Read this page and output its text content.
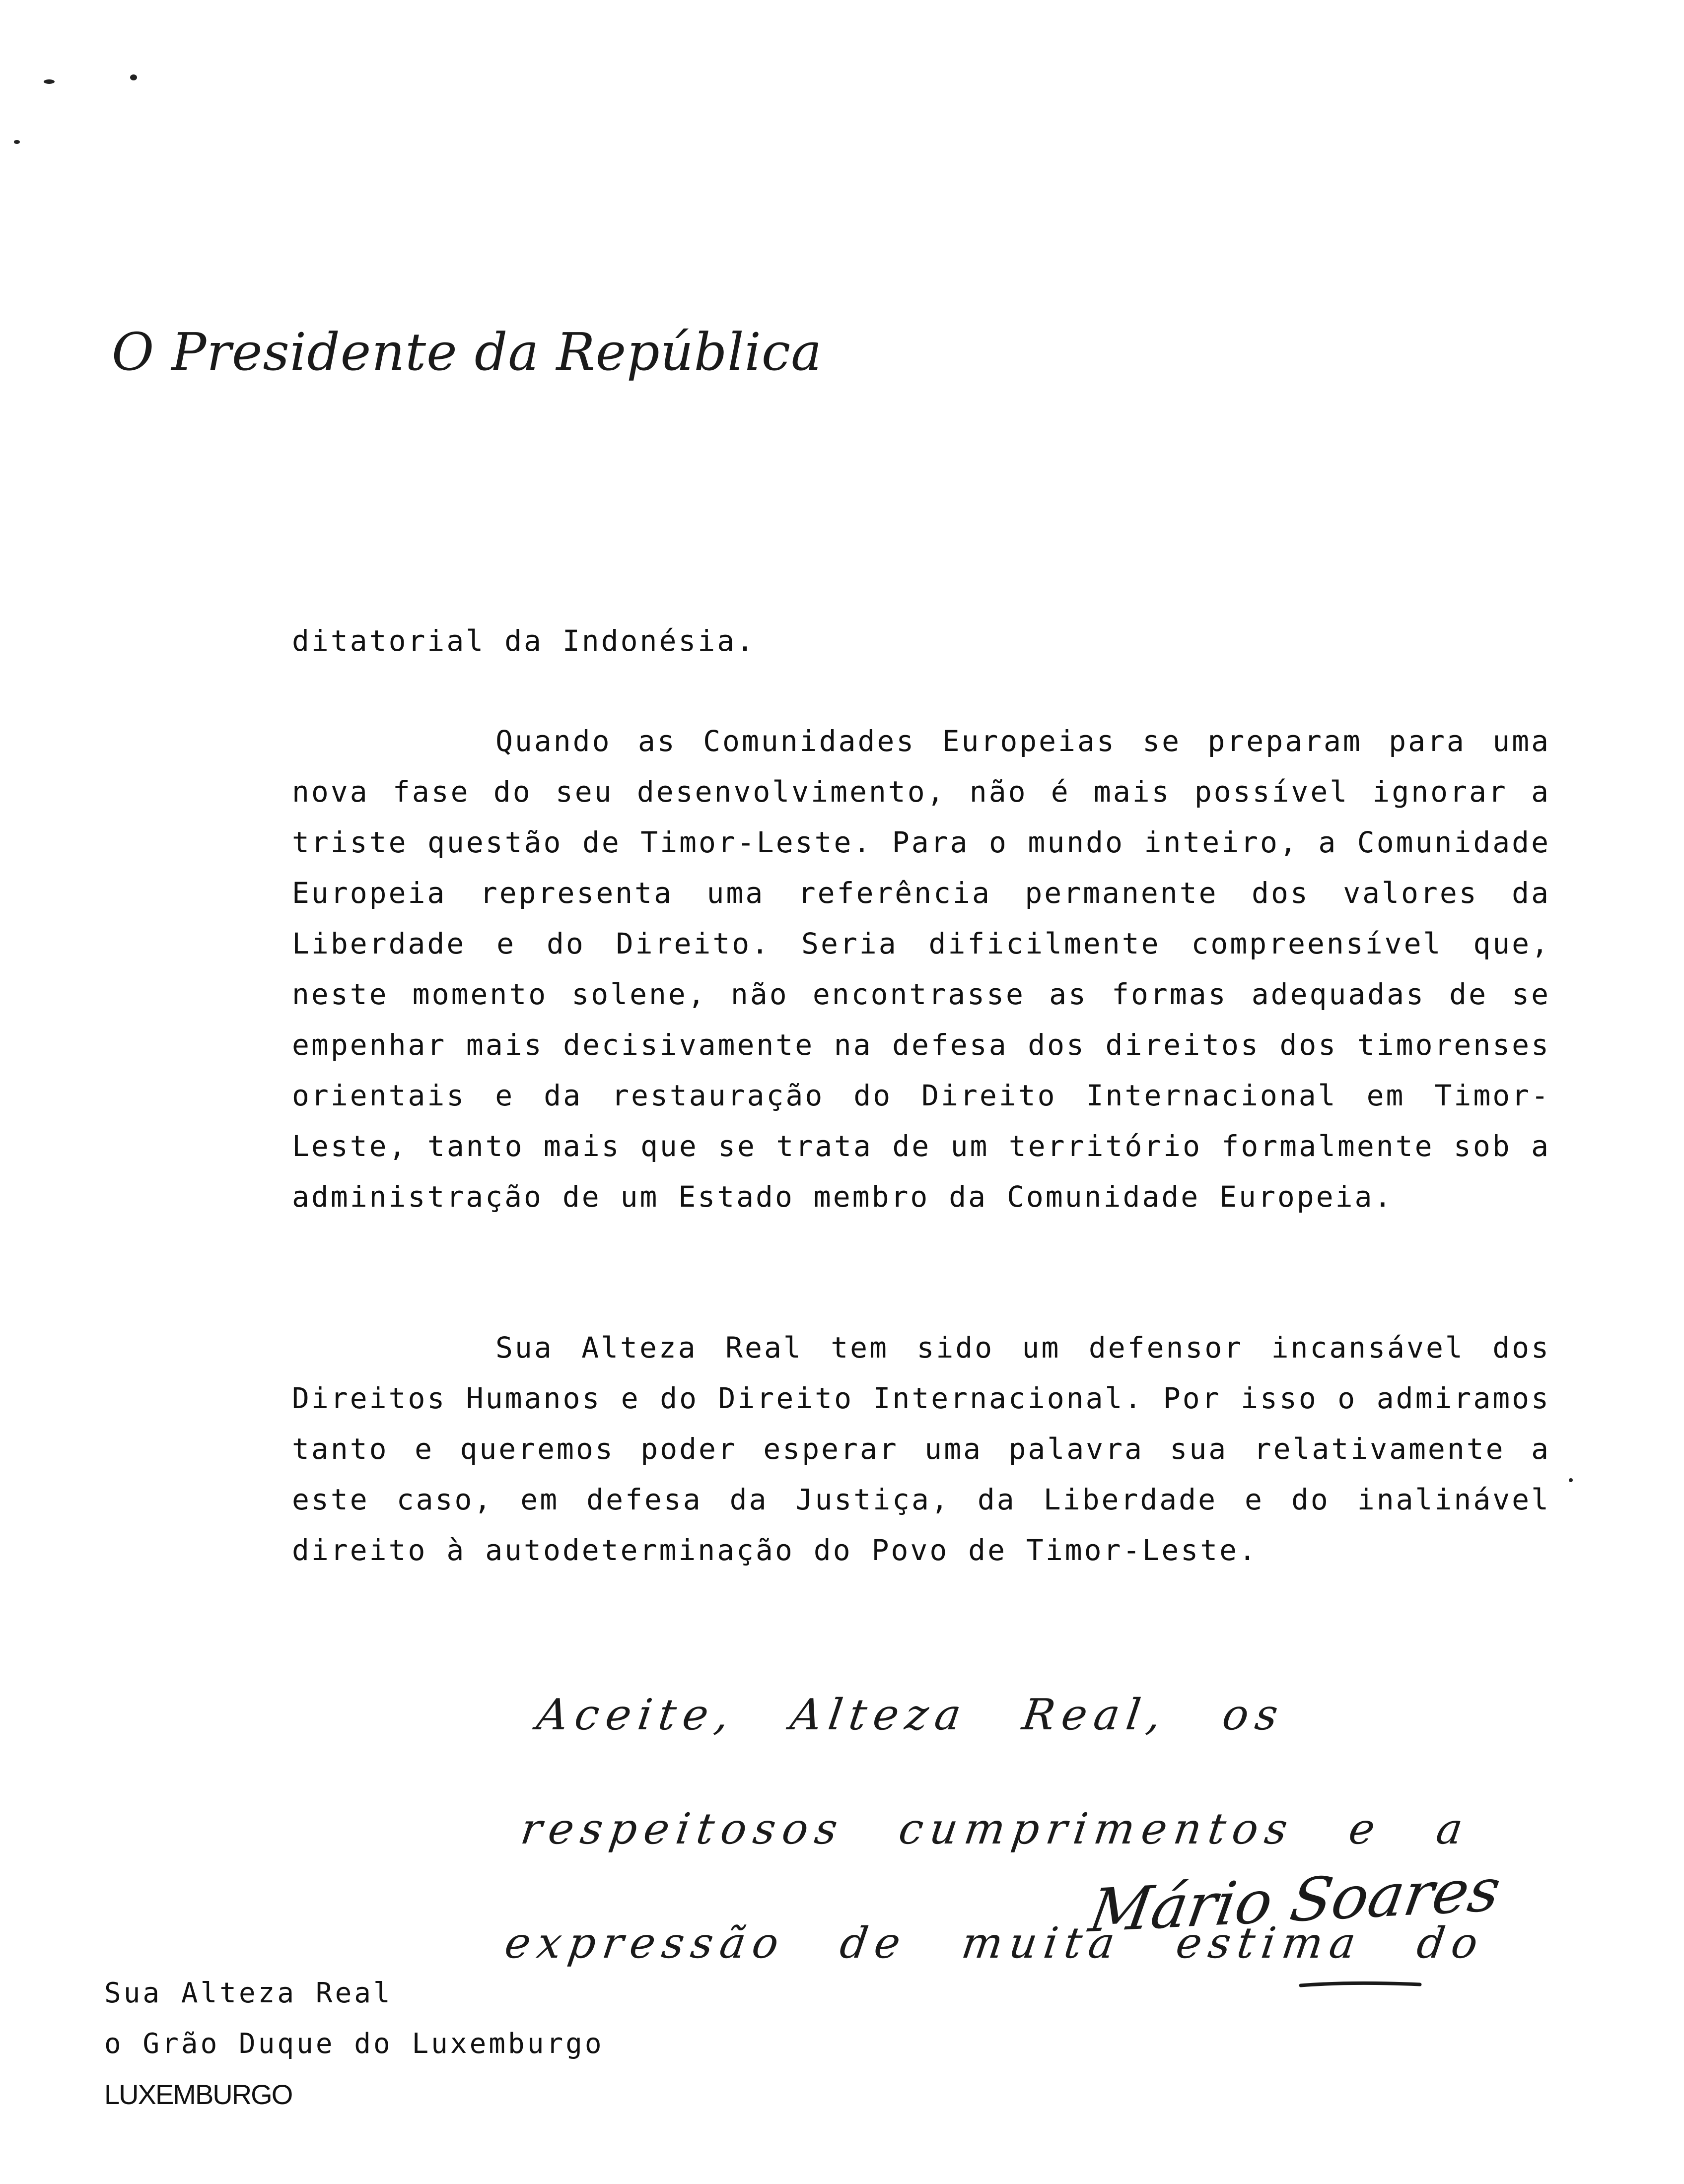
O Presidente da República
ditatorial da Indonésia.
Quando as Comunidades Europeias se preparam para uma nova fase do seu desenvolvimento, não é mais possível ignorar a triste questão de Timor-Leste. Para o mundo inteiro, a Comunidade Europeia representa uma referência permanente dos valores da Liberdade e do Direito. Seria dificilmente compreensível que, neste momento solene, não encontrasse as formas adequadas de se empenhar mais decisivamente na defesa dos direitos dos timorenses orientais e da restauração do Direito Internacional em Timor-Leste, tanto mais que se trata de um território formalmente sob a administração de um Estado membro da Comunidade Europeia.
Sua Alteza Real tem sido um defensor incansável dos Direitos Humanos e do Direito Internacional. Por isso o admiramos tanto e queremos poder esperar uma palavra sua relativamente a este caso, em defesa da Justiça, da Liberdade e do inalinável direito à autodeterminação do Povo de Timor-Leste.
Aceite, Alteza Real, os respeitosos cumprimentos e a expressão de muita estima do
Mário Soares
Sua Alteza Real
o Grão Duque do Luxemburgo
LUXEMBURGO
